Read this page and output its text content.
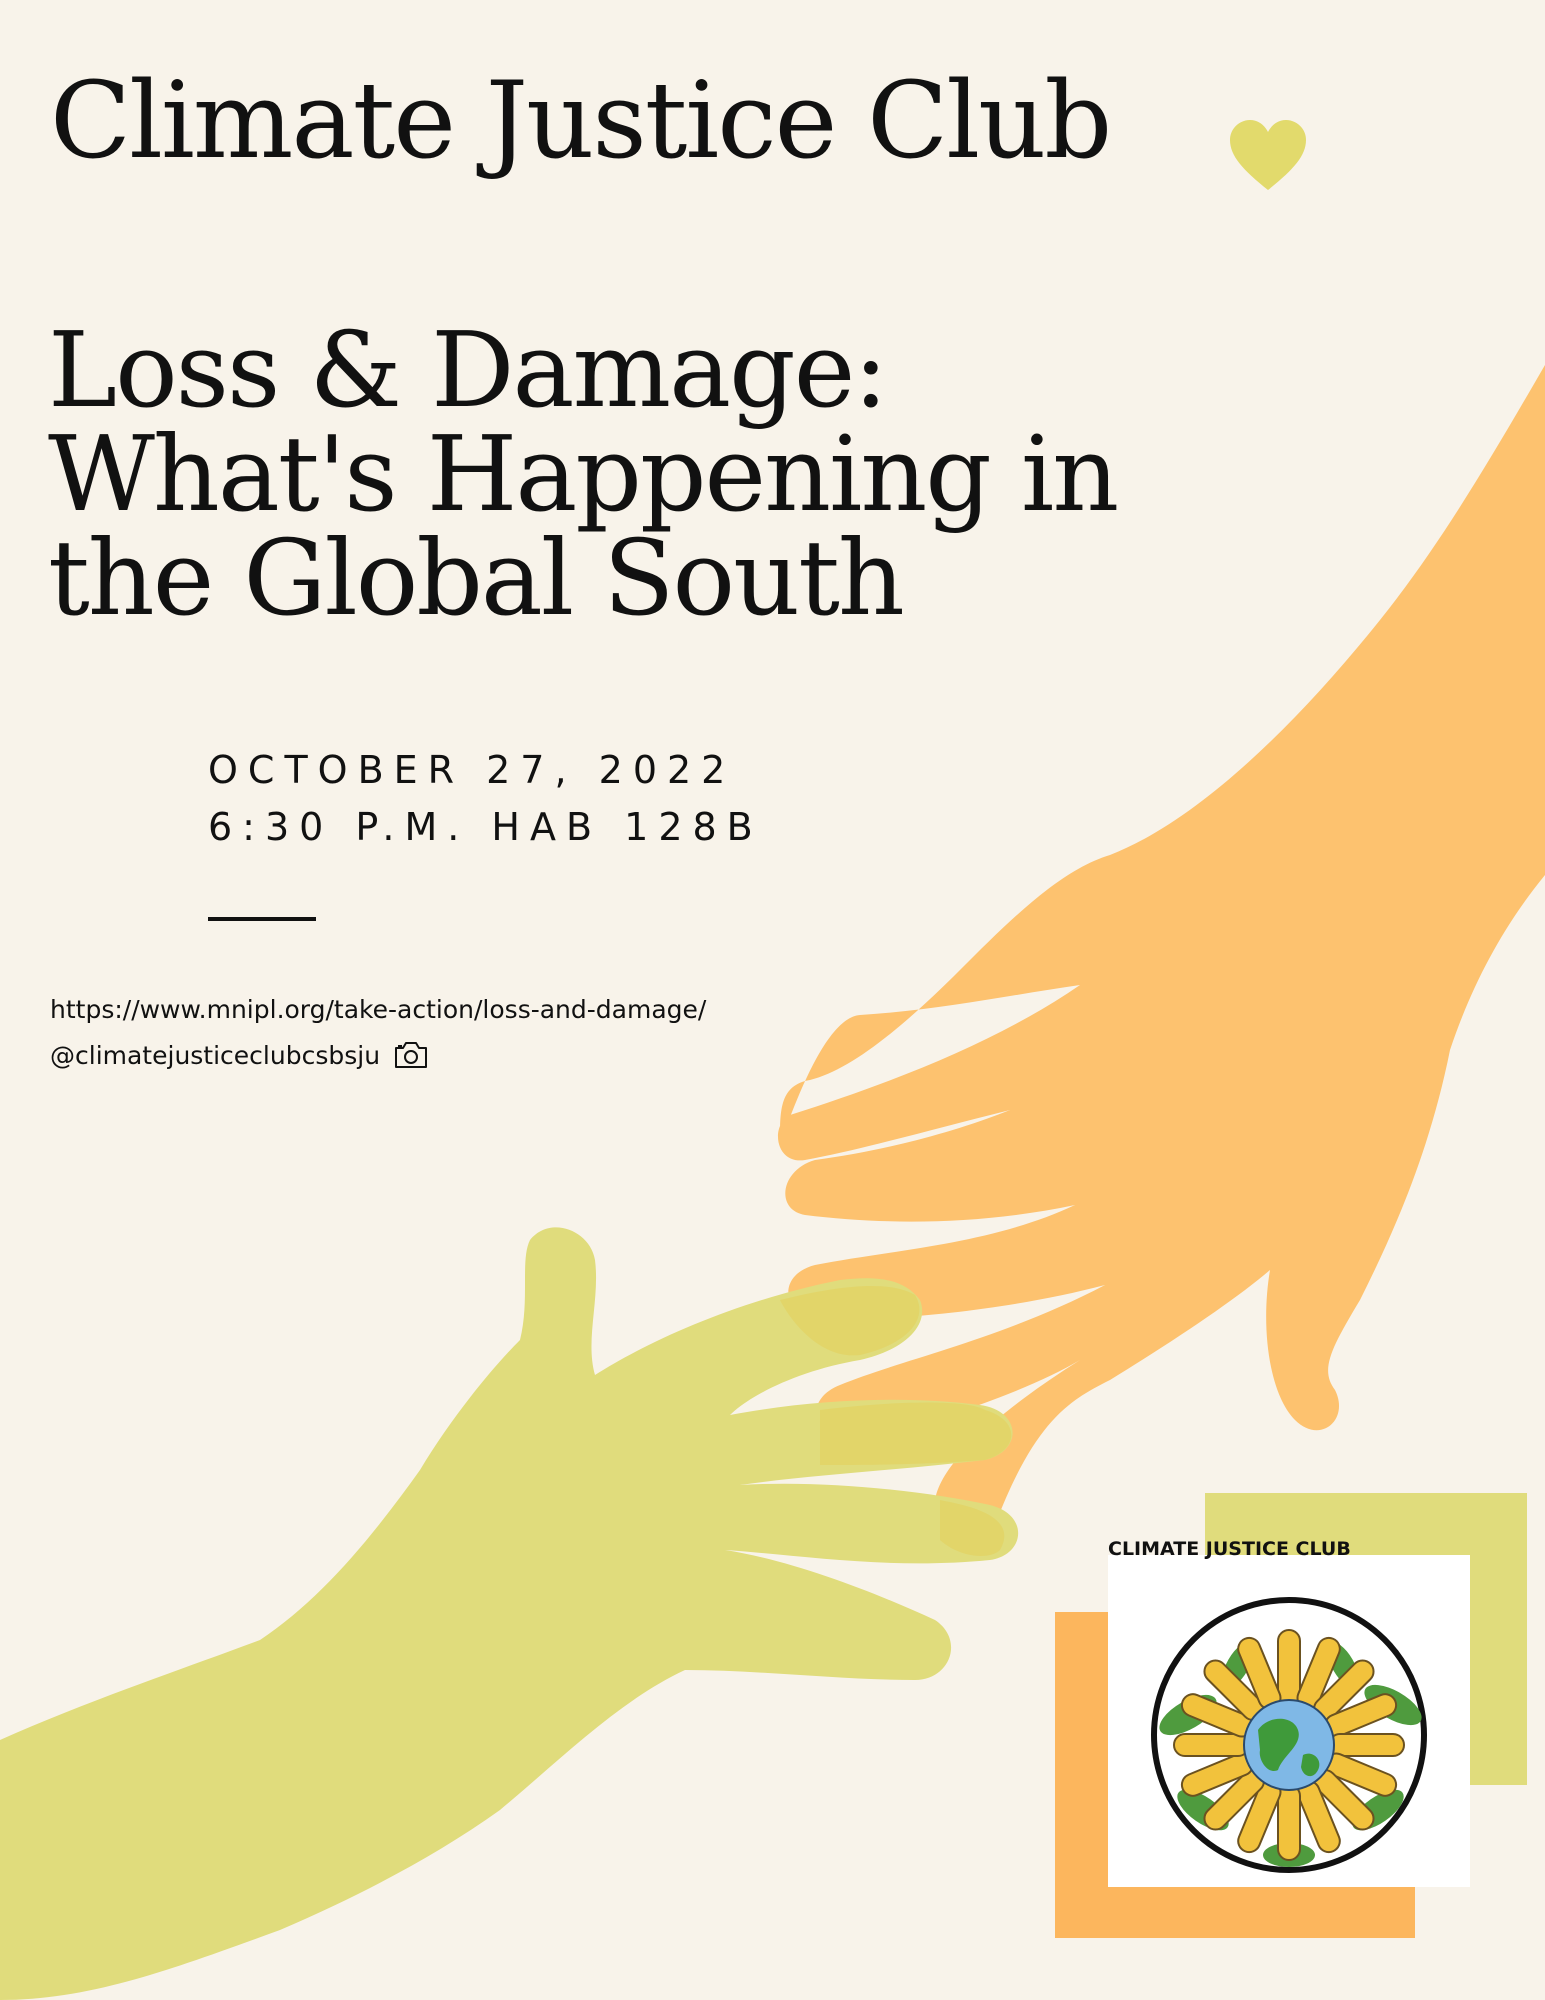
Climate Justice Club
Loss & Damage:
What's Happening in
the Global South
OCTOBER 27, 2022
6:30 P.M. HAB 128B
https://www.mnipl.org/take-action/loss-and-damage/
@climatejusticeclubcsbsju
CLIMATE JUSTICE CLUB
